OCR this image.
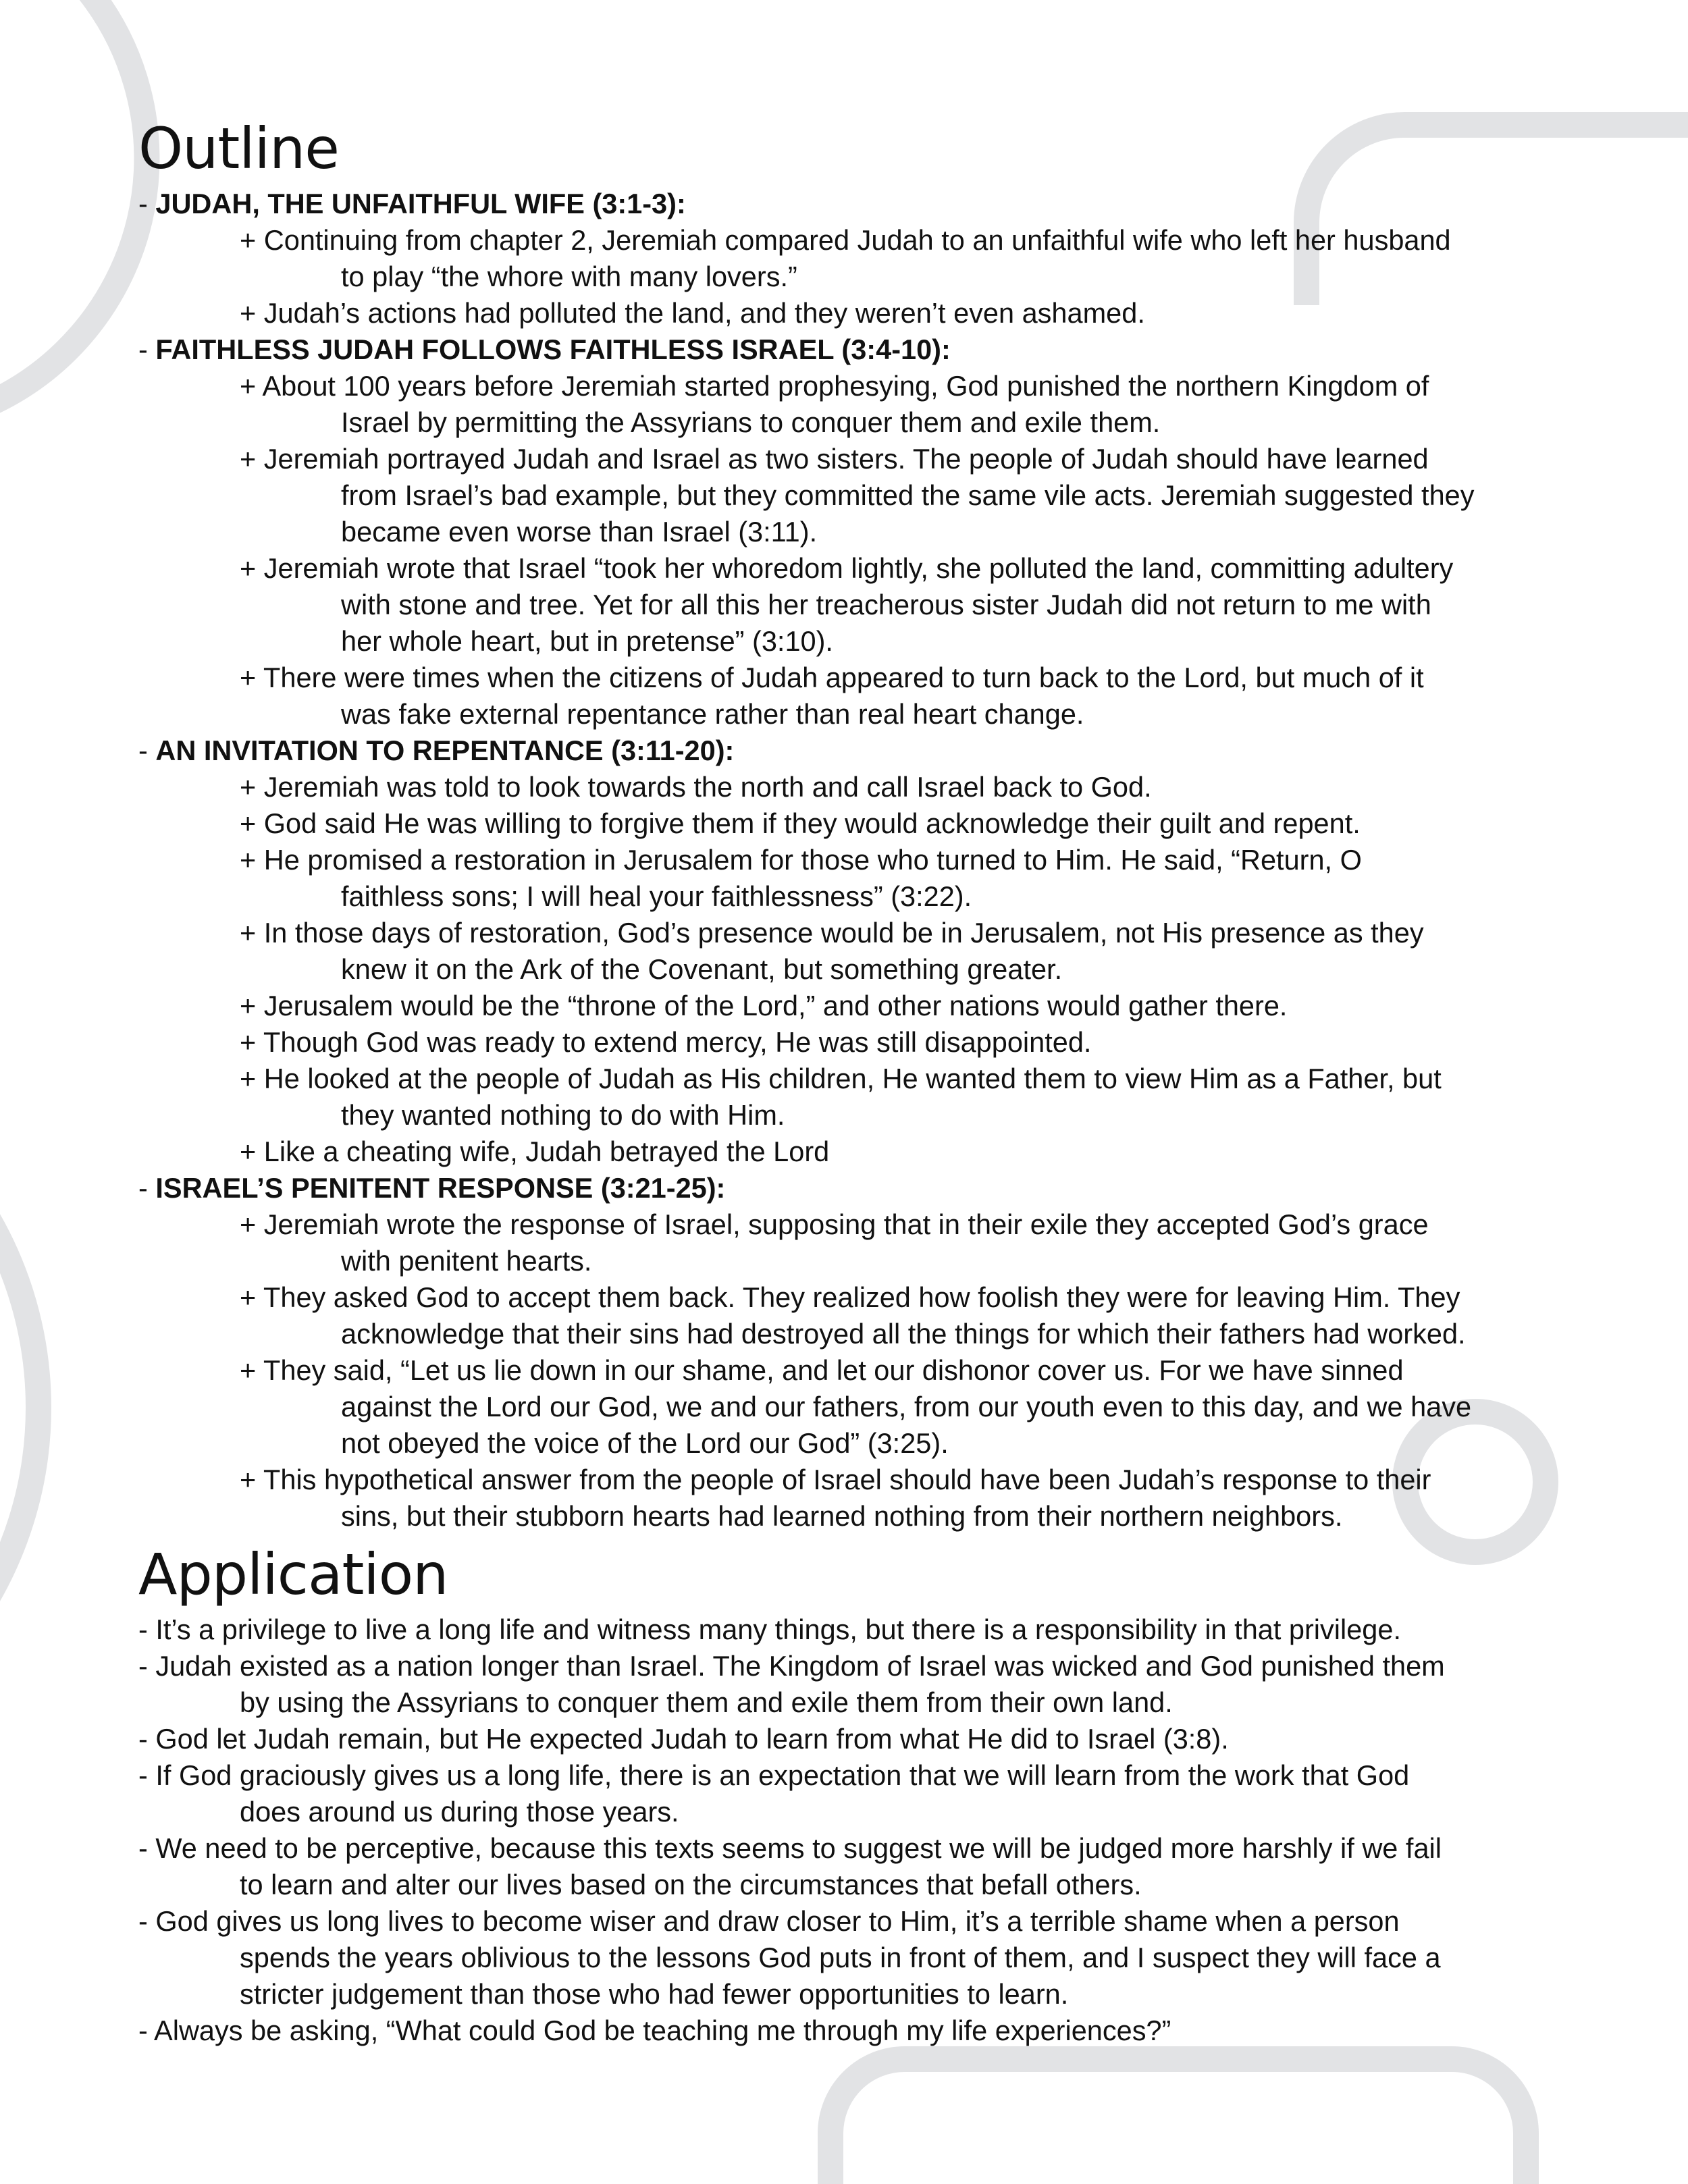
Outline
- JUDAH, THE UNFAITHFUL WIFE (3:1-3):
+ Continuing from chapter 2, Jeremiah compared Judah to an unfaithful wife who left her husband
to play “the whore with many lovers.”
+ Judah’s actions had polluted the land, and they weren’t even ashamed.
- FAITHLESS JUDAH FOLLOWS FAITHLESS ISRAEL (3:4-10):
+ About 100 years before Jeremiah started prophesying, God punished the northern Kingdom of
Israel by permitting the Assyrians to conquer them and exile them.
+ Jeremiah portrayed Judah and Israel as two sisters. The people of Judah should have learned
from Israel’s bad example, but they committed the same vile acts. Jeremiah suggested they
became even worse than Israel (3:11).
+ Jeremiah wrote that Israel “took her whoredom lightly, she polluted the land, committing adultery
with stone and tree. Yet for all this her treacherous sister Judah did not return to me with
her whole heart, but in pretense” (3:10).
+ There were times when the citizens of Judah appeared to turn back to the Lord, but much of it
was fake external repentance rather than real heart change.
- AN INVITATION TO REPENTANCE (3:11-20):
+ Jeremiah was told to look towards the north and call Israel back to God.
+ God said He was willing to forgive them if they would acknowledge their guilt and repent.
+ He promised a restoration in Jerusalem for those who turned to Him. He said, “Return, O
faithless sons; I will heal your faithlessness” (3:22).
+ In those days of restoration, God’s presence would be in Jerusalem, not His presence as they
knew it on the Ark of the Covenant, but something greater.
+ Jerusalem would be the “throne of the Lord,” and other nations would gather there.
+ Though God was ready to extend mercy, He was still disappointed.
+ He looked at the people of Judah as His children, He wanted them to view Him as a Father, but
they wanted nothing to do with Him.
+ Like a cheating wife, Judah betrayed the Lord
- ISRAEL’S PENITENT RESPONSE (3:21-25):
+ Jeremiah wrote the response of Israel, supposing that in their exile they accepted God’s grace
with penitent hearts.
+ They asked God to accept them back. They realized how foolish they were for leaving Him. They
acknowledge that their sins had destroyed all the things for which their fathers had worked.
+ They said, “Let us lie down in our shame, and let our dishonor cover us. For we have sinned
against the Lord our God, we and our fathers, from our youth even to this day, and we have
not obeyed the voice of the Lord our God” (3:25).
+ This hypothetical answer from the people of Israel should have been Judah’s response to their
sins, but their stubborn hearts had learned nothing from their northern neighbors.
Application
- It’s a privilege to live a long life and witness many things, but there is a responsibility in that privilege.
- Judah existed as a nation longer than Israel. The Kingdom of Israel was wicked and God punished them
by using the Assyrians to conquer them and exile them from their own land.
- God let Judah remain, but He expected Judah to learn from what He did to Israel (3:8).
- If God graciously gives us a long life, there is an expectation that we will learn from the work that God
does around us during those years.
- We need to be perceptive, because this texts seems to suggest we will be judged more harshly if we fail
to learn and alter our lives based on the circumstances that befall others.
- God gives us long lives to become wiser and draw closer to Him, it’s a terrible shame when a person
spends the years oblivious to the lessons God puts in front of them, and I suspect they will face a
stricter judgement than those who had fewer opportunities to learn.
- Always be asking, “What could God be teaching me through my life experiences?”
